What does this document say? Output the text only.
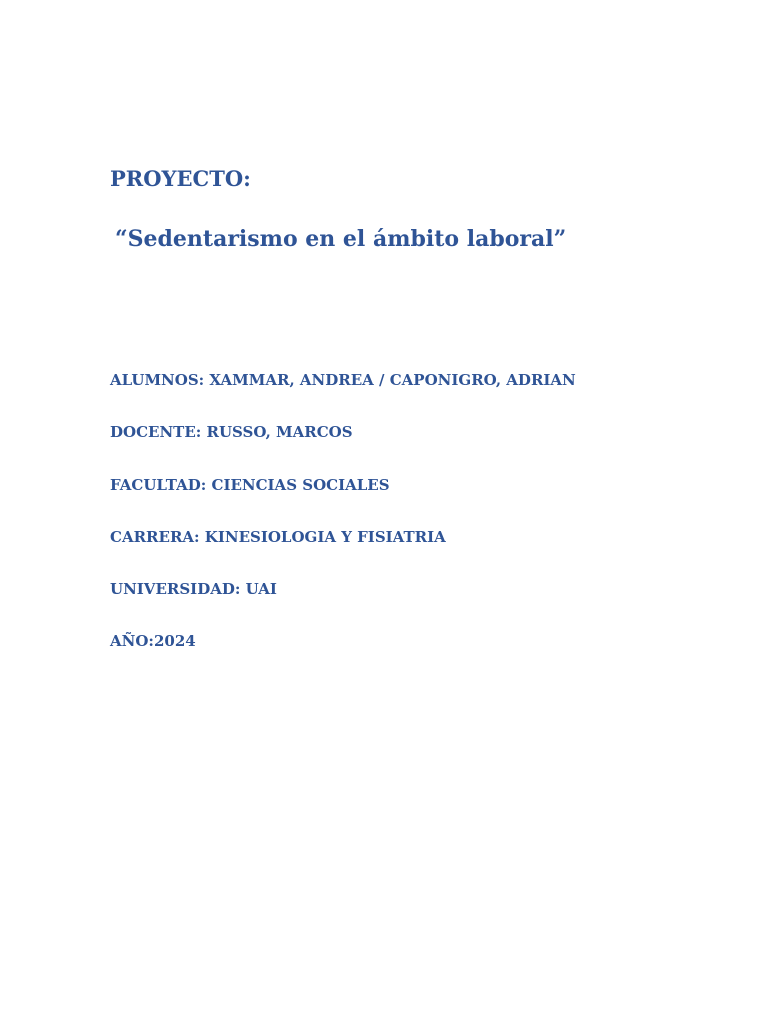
PROYECTO:
“Sedentarismo en el ámbito laboral”
ALUMNOS: XAMMAR, ANDREA / CAPONIGRO, ADRIAN
DOCENTE: RUSSO, MARCOS
FACULTAD: CIENCIAS SOCIALES
CARRERA: KINESIOLOGIA Y FISIATRIA
UNIVERSIDAD: UAI
AÑO:2024
